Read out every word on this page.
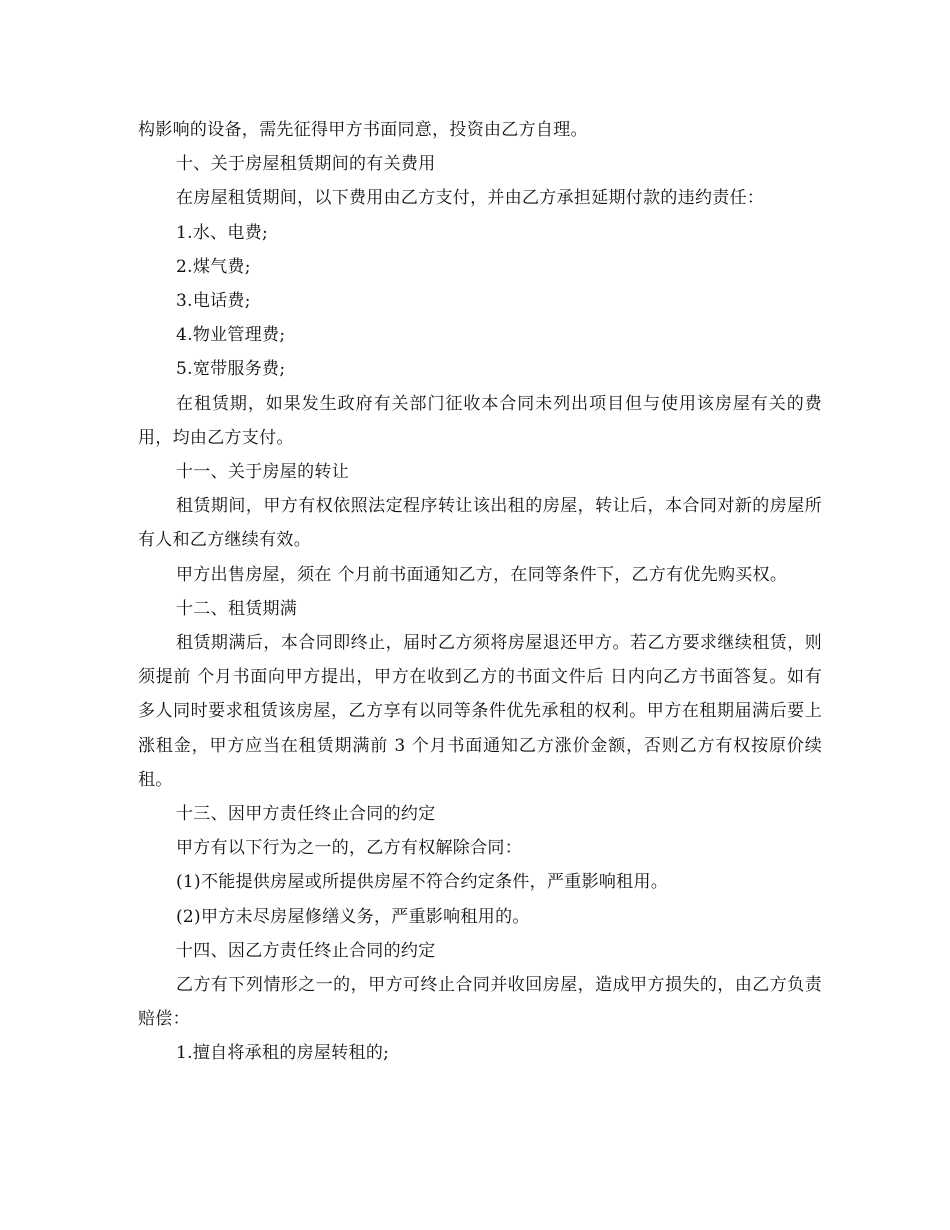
构影响的设备，需先征得甲方书面同意，投资由乙方自理。

十、关于房屋租赁期间的有关费用

在房屋租赁期间，以下费用由乙方支付，并由乙方承担延期付款的违约责任：

1.水、电费;

2.煤气费;

3.电话费;

4.物业管理费;

5.宽带服务费;

在租赁期，如果发生政府有关部门征收本合同未列出项目但与使用该房屋有关的费用，均由乙方支付。

十一、关于房屋的转让

租赁期间，甲方有权依照法定程序转让该出租的房屋，转让后，本合同对新的房屋所有人和乙方继续有效。

甲方出售房屋，须在 个月前书面通知乙方，在同等条件下，乙方有优先购买权。

十二、租赁期满

租赁期满后，本合同即终止，届时乙方须将房屋退还甲方。若乙方要求继续租赁，则须提前 个月书面向甲方提出，甲方在收到乙方的书面文件后 日内向乙方书面答复。如有多人同时要求租赁该房屋，乙方享有以同等条件优先承租的权利。甲方在租期届满后要上涨租金，甲方应当在租赁期满前 3 个月书面通知乙方涨价金额，否则乙方有权按原价续租。

十三、因甲方责任终止合同的约定

甲方有以下行为之一的，乙方有权解除合同：

(1)不能提供房屋或所提供房屋不符合约定条件，严重影响租用。

(2)甲方未尽房屋修缮义务，严重影响租用的。

十四、因乙方责任终止合同的约定

乙方有下列情形之一的，甲方可终止合同并收回房屋，造成甲方损失的，由乙方负责赔偿：

1.擅自将承租的房屋转租的;
